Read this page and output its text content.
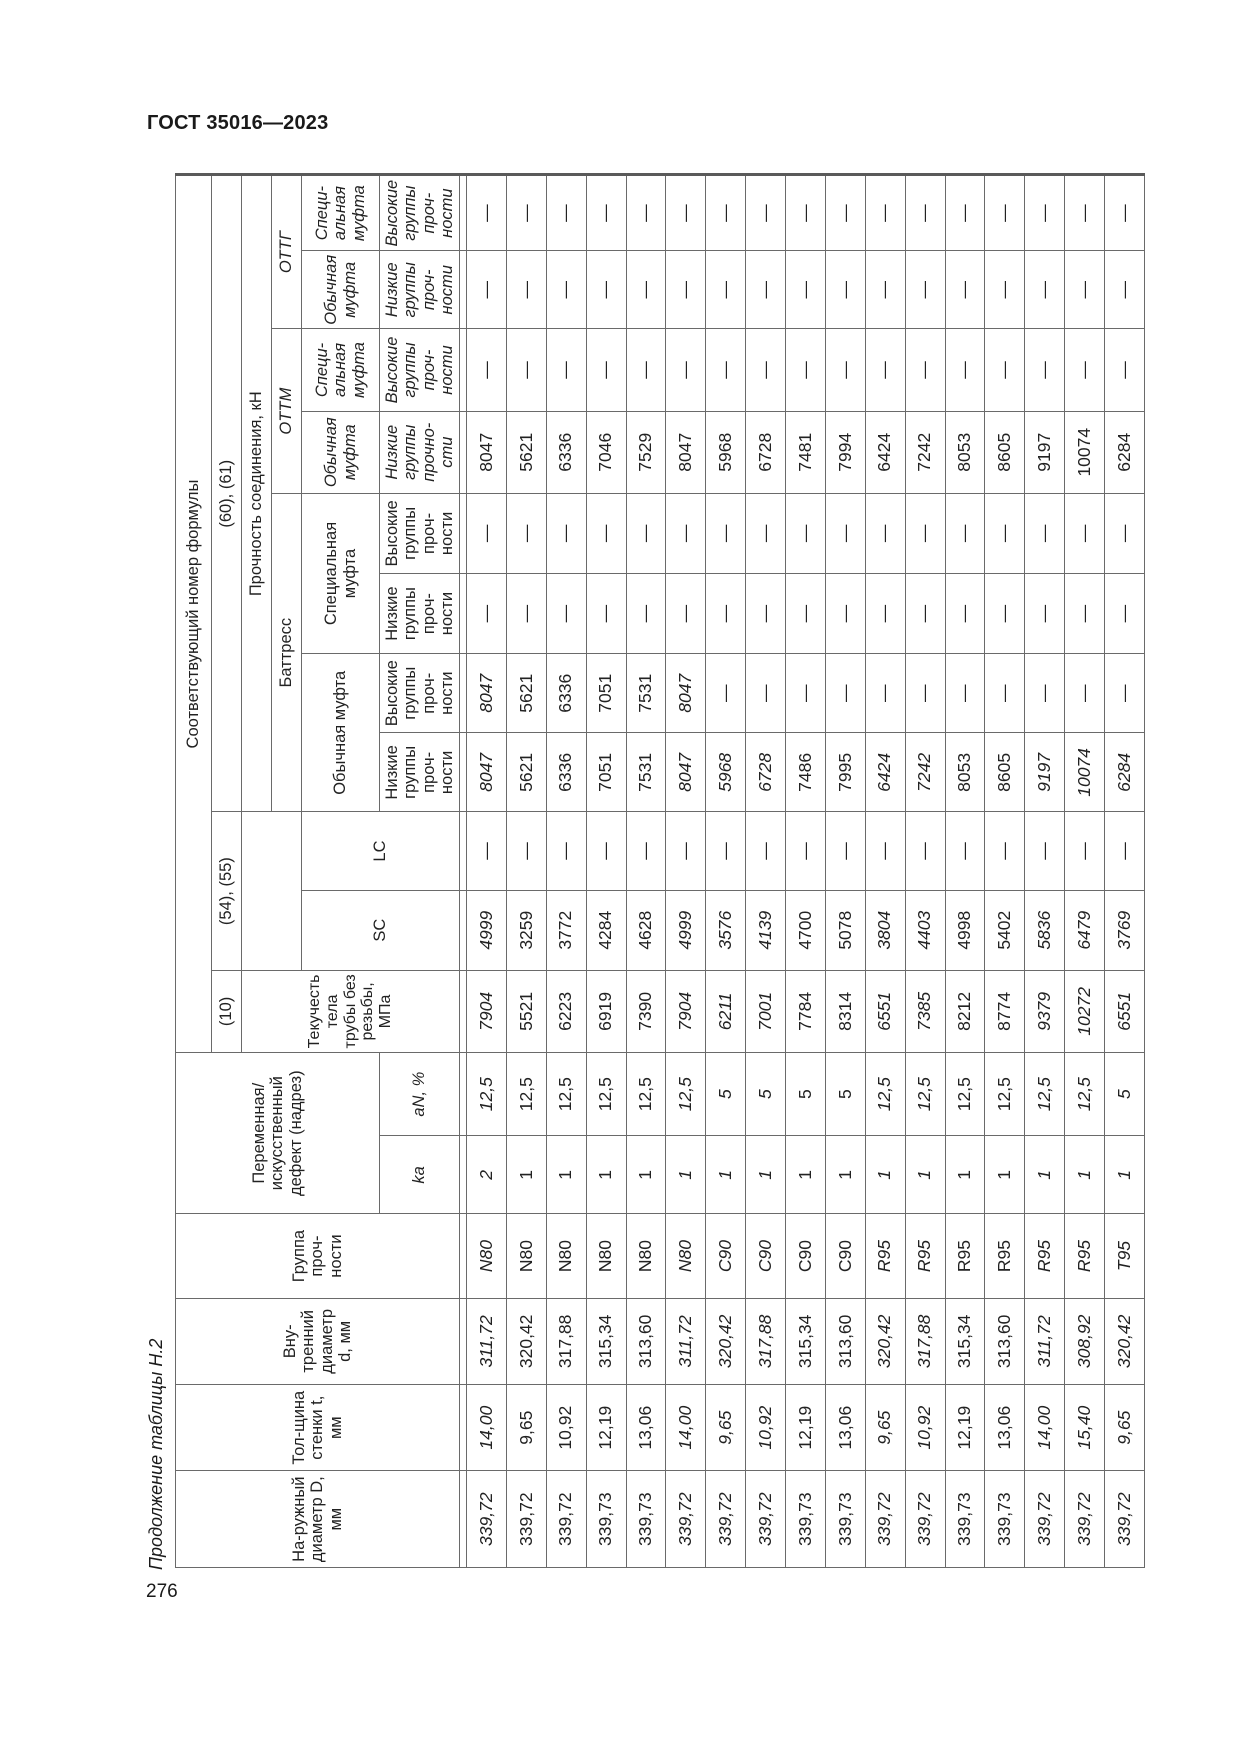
ГОСТ 35016—2023
Продолжение таблицы Н.2
276
На-ружный диаметр D, мм	Тол-щина стенки t, мм	Вну-тренний диаметр d, мм	Группа проч-ности	Переменная/ искусственный дефект (надрез)		Соответствующий номер формулы										
						(10)	(54), (55)		(60), (61)							
						Текучесть тела трубы без резьбы, МПа			Прочность соединения, кН							
									Баттресс				ОТТМ		ОТТГ	
							SC	LC	Обычная муфта		Специальная муфта		Обычная муфта	Специ-альная муфта	Обычная муфта	Специ-альная муфта
				kа	aN, %				Низкие группы проч-ности	Высокие группы проч-ности	Низкие группы проч-ности	Высокие группы проч-ности	Низкие группы прочно-сти	Высокие группы проч-ности	Низкие группы проч-ности	Высокие группы проч-ности

339,72	14,00	311,72	N80	2	12,5	7904	4999	—	8047	8047	—	—	8047	—	—	—
339,72	9,65	320,42	N80	1	12,5	5521	3259	—	5621	5621	—	—	5621	—	—	—
339,72	10,92	317,88	N80	1	12,5	6223	3772	—	6336	6336	—	—	6336	—	—	—
339,73	12,19	315,34	N80	1	12,5	6919	4284	—	7051	7051	—	—	7046	—	—	—
339,73	13,06	313,60	N80	1	12,5	7390	4628	—	7531	7531	—	—	7529	—	—	—
339,72	14,00	311,72	N80	1	12,5	7904	4999	—	8047	8047	—	—	8047	—	—	—
339,72	9,65	320,42	C90	1	5	6211	3576	—	5968	—	—	—	5968	—	—	—
339,72	10,92	317,88	C90	1	5	7001	4139	—	6728	—	—	—	6728	—	—	—
339,73	12,19	315,34	C90	1	5	7784	4700	—	7486	—	—	—	7481	—	—	—
339,73	13,06	313,60	C90	1	5	8314	5078	—	7995	—	—	—	7994	—	—	—
339,72	9,65	320,42	R95	1	12,5	6551	3804	—	6424	—	—	—	6424	—	—	—
339,72	10,92	317,88	R95	1	12,5	7385	4403	—	7242	—	—	—	7242	—	—	—
339,73	12,19	315,34	R95	1	12,5	8212	4998	—	8053	—	—	—	8053	—	—	—
339,73	13,06	313,60	R95	1	12,5	8774	5402	—	8605	—	—	—	8605	—	—	—
339,72	14,00	311,72	R95	1	12,5	9379	5836	—	9197	—	—	—	9197	—	—	—
339,72	15,40	308,92	R95	1	12,5	10272	6479	—	10074	—	—	—	10074	—	—	—
339,72	9,65	320,42	T95	1	5	6551	3769	—	6284	—	—	—	6284	—	—	—
